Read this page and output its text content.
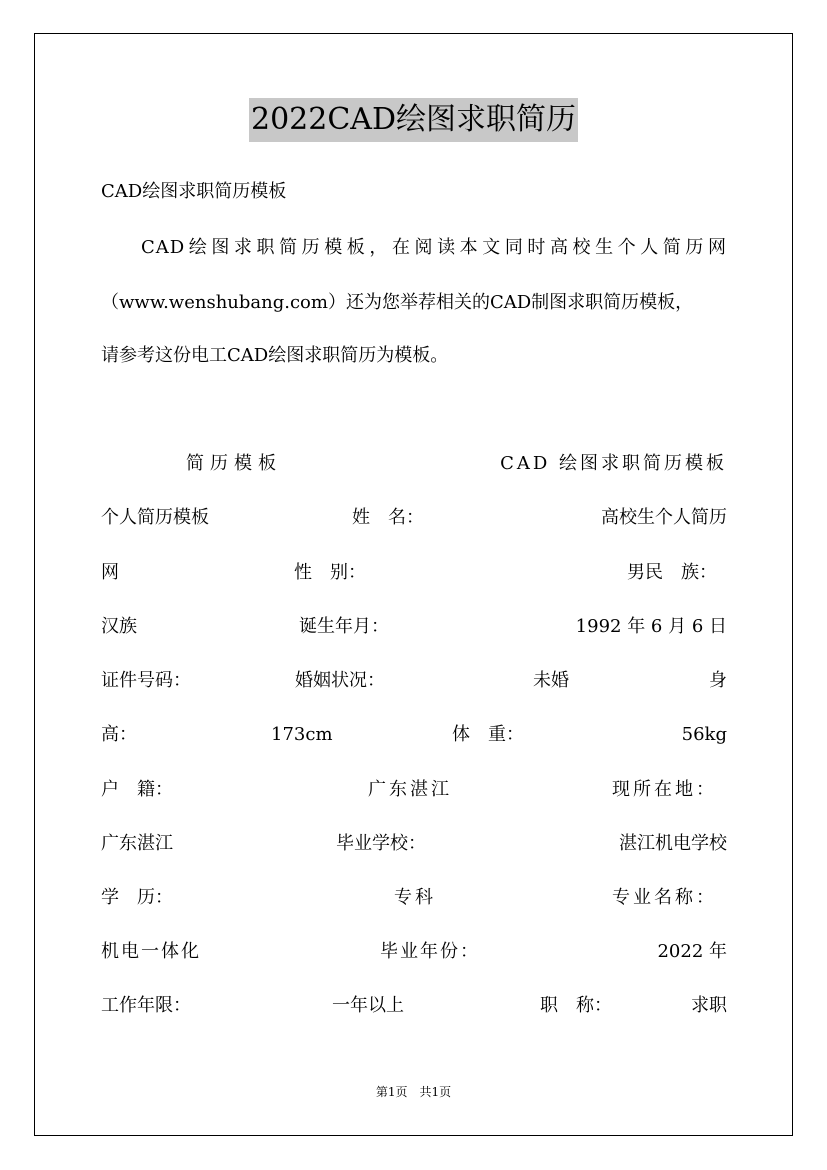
2022CAD绘图求职简历
CAD绘图求职简历模板
CAD绘图求职简历模板，在阅读本文同时高校生个人简历网
（www.wenshubang.com）还为您举荐相关的CAD制图求职简历模板，
请参考这份电工CAD绘图求职简历为模板。
简历模板	CAD 绘图求职简历模板
个人简历模板	姓　名：	高校生个人简历
网	性　别：	男民　族：
汉族	诞生年月：	1992 年 6 月 6 日
证件号码：	婚姻状况：	未婚	身
高：	173cm	体　重：	56kg
户　籍：	广东湛江	现所在地：
广东湛江	毕业学校：	湛江机电学校
学　历：	专科	专业名称：
机电一体化	毕业年份：	2022 年
工作年限：	一年以上	职　称：	求职
第1页　共1页
